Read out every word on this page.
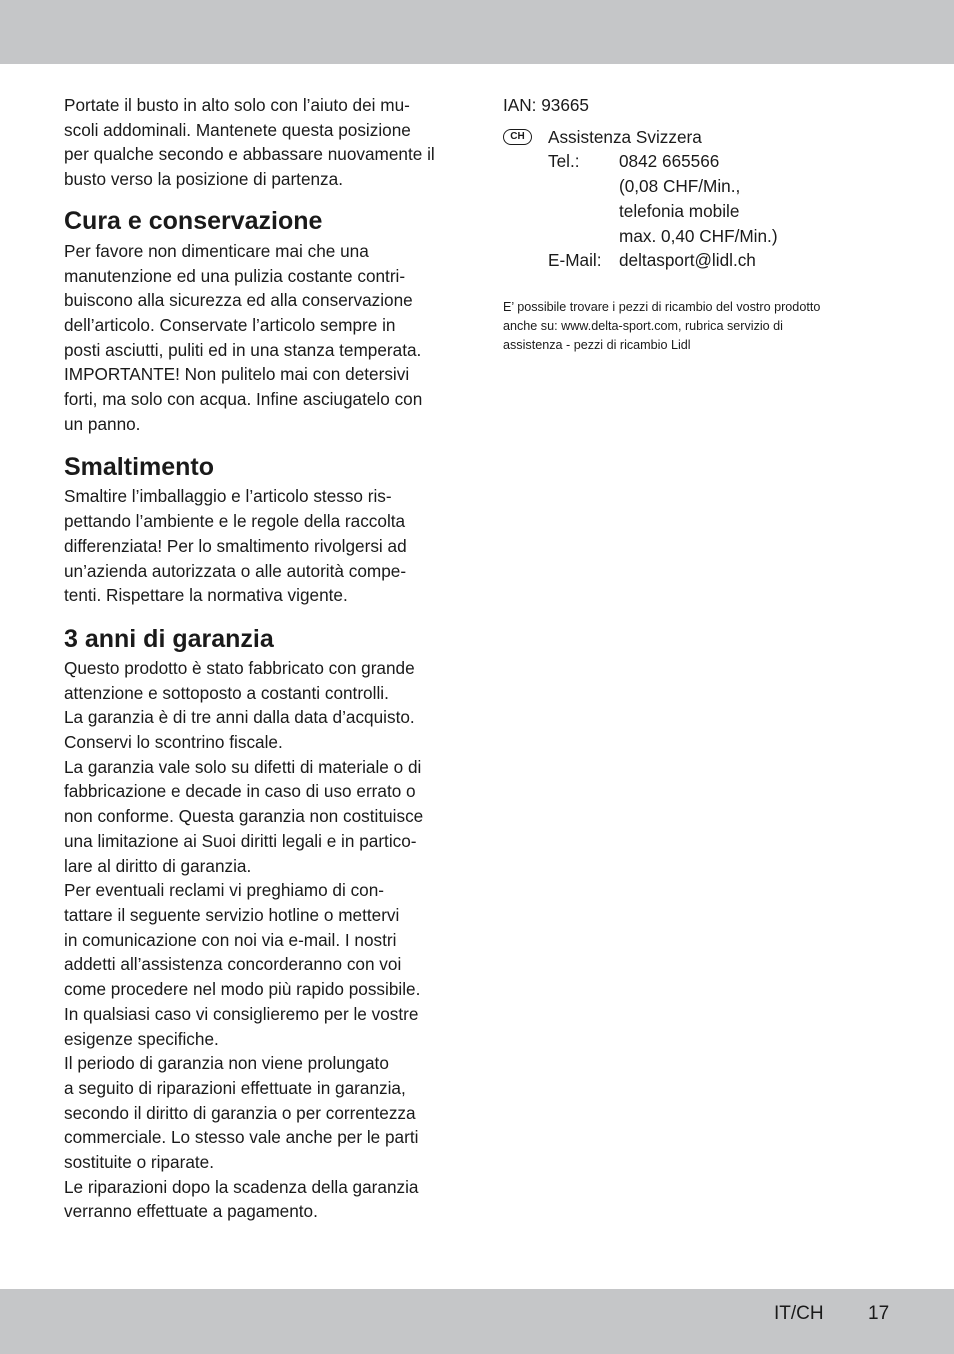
Portate il busto in alto solo con l’aiuto dei mu-
scoli addominali. Mantenete questa posizione
per qualche secondo e abbassare nuovamente il
busto verso la posizione di partenza.

Cura e conservazione

Per favore non dimenticare mai che una
manutenzione ed una pulizia costante contri-
buiscono alla sicurezza ed alla conservazione
dell’articolo. Conservate l’articolo sempre in
posti asciutti, puliti ed in una stanza temperata.
IMPORTANTE! Non pulitelo mai con detersivi
forti, ma solo con acqua. Infine asciugatelo con
un panno.

Smaltimento

Smaltire l’imballaggio e l’articolo stesso ris-
pettando l’ambiente e le regole della raccolta
differenziata! Per lo smaltimento rivolgersi ad
un’azienda autorizzata o alle autorità compe-
tenti. Rispettare la normativa vigente.

3 anni di garanzia

Questo prodotto è stato fabbricato con grande
attenzione e sottoposto a costanti controlli.
La garanzia è di tre anni dalla data d’acquisto.
Conservi lo scontrino fiscale.
La garanzia vale solo su difetti di materiale o di
fabbricazione e decade in caso di uso errato o
non conforme. Questa garanzia non costituisce
una limitazione ai Suoi diritti legali e in partico-
lare al diritto di garanzia.
Per eventuali reclami vi preghiamo di con-
tattare il seguente servizio hotline o mettervi
in comunicazione con noi via e-mail. I nostri
addetti all’assistenza concorderanno con voi
come procedere nel modo più rapido possibile.
In qualsiasi caso vi consiglieremo per le vostre
esigenze specifiche.
Il periodo di garanzia non viene prolungato
a seguito di riparazioni effettuate in garanzia,
secondo il diritto di garanzia o per correntezza
commerciale. Lo stesso vale anche per le parti
sostituite o riparate.
Le riparazioni dopo la scadenza della garanzia
verranno effettuate a pagamento.

IAN: 93665
CH	Assistenza Svizzera
Tel.:	0842 665566
(0,08 CHF/Min.,
telefonia mobile
max. 0,40 CHF/Min.)
E-Mail:	deltasport@lidl.ch

E’ possibile trovare i pezzi di ricambio del vostro prodotto
anche su: www.delta-sport.com, rubrica servizio di
assistenza - pezzi di ricambio Lidl

IT/CH 17
